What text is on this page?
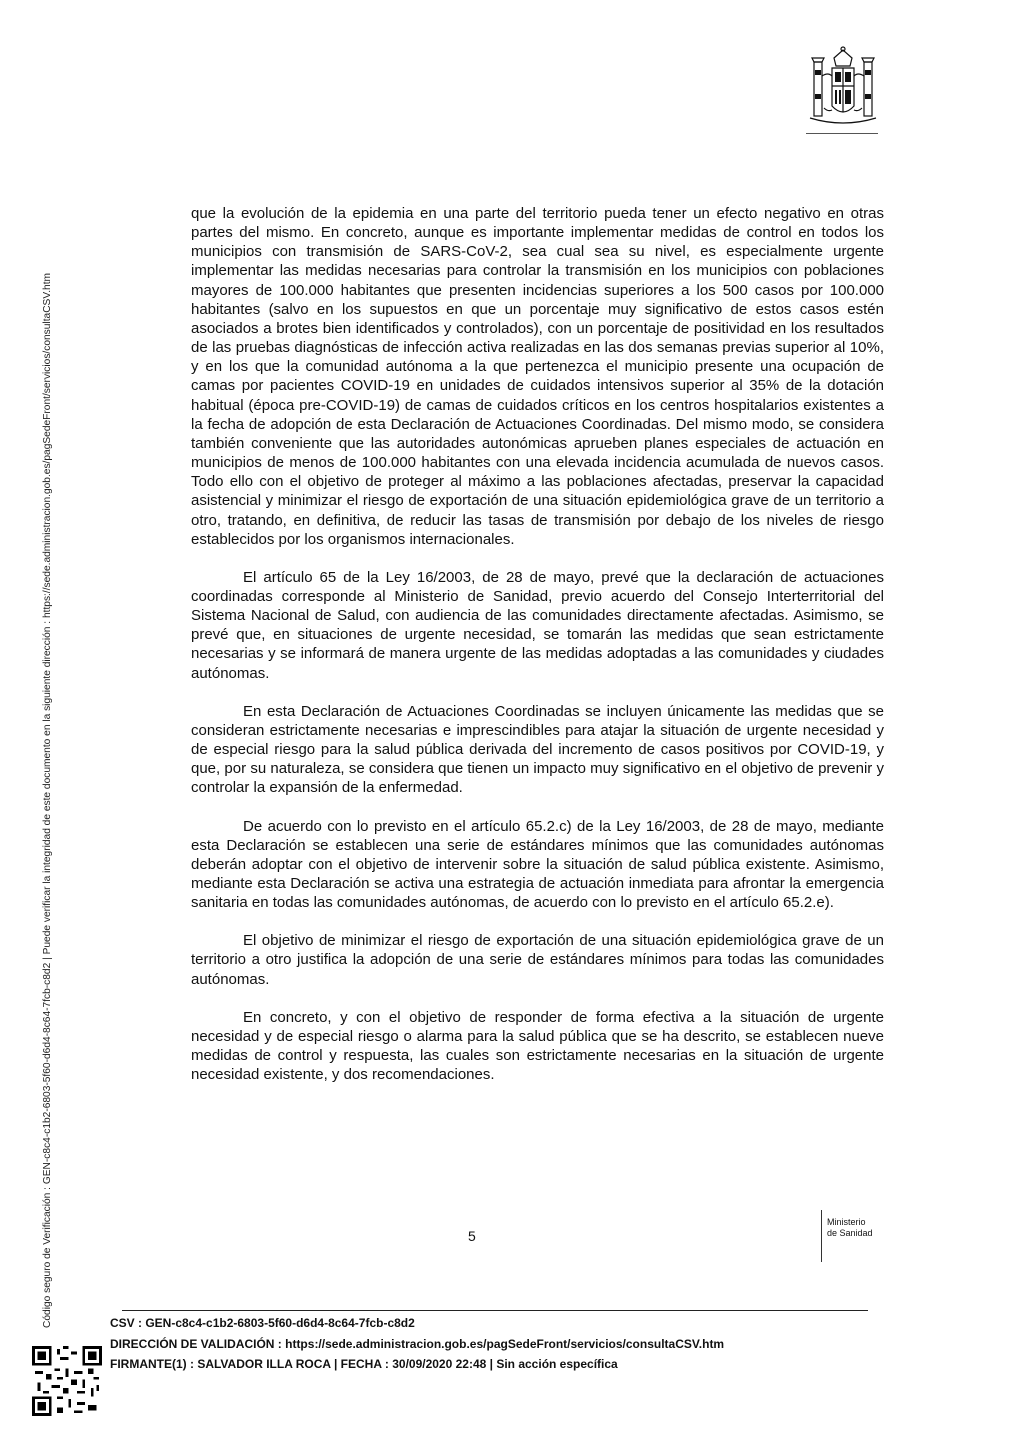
Código seguro de Verificación : GEN-c8c4-c1b2-6803-5f60-d6d4-8c64-7fcb-c8d2 | Puede verificar la integridad de este documento en la siguiente dirección : https://sede.administracion.gob.es/pagSedeFront/servicios/consultaCSV.htm

que la evolución de la epidemia en una parte del territorio pueda tener un efecto negativo en otras partes del mismo. En concreto, aunque es importante implementar medidas de control en todos los municipios con transmisión de SARS-CoV-2, sea cual sea su nivel, es especialmente urgente implementar las medidas necesarias para controlar la transmisión en los municipios con poblaciones mayores de 100.000 habitantes que presenten incidencias superiores a los 500 casos por 100.000 habitantes (salvo en los supuestos en que un porcentaje muy significativo de estos casos estén asociados a brotes bien identificados y controlados), con un porcentaje de positividad en los resultados de las pruebas diagnósticas de infección activa realizadas en las dos semanas previas superior al 10%, y en los que la comunidad autónoma a la que pertenezca el municipio presente una ocupación de camas por pacientes COVID-19 en unidades de cuidados intensivos superior al 35% de la dotación habitual (época pre-COVID-19) de camas de cuidados críticos en los centros hospitalarios existentes a la fecha de adopción de esta Declaración de Actuaciones Coordinadas. Del mismo modo, se considera también conveniente que las autoridades autonómicas aprueben planes especiales de actuación en municipios de menos de 100.000 habitantes con una elevada incidencia acumulada de nuevos casos. Todo ello con el objetivo de proteger al máximo a las poblaciones afectadas, preservar la capacidad asistencial y minimizar el riesgo de exportación de una situación epidemiológica grave de un territorio a otro, tratando, en definitiva, de reducir las tasas de transmisión por debajo de los niveles de riesgo establecidos por los organismos internacionales.

El artículo 65 de la Ley 16/2003, de 28 de mayo, prevé que la declaración de actuaciones coordinadas corresponde al Ministerio de Sanidad, previo acuerdo del Consejo Interterritorial del Sistema Nacional de Salud, con audiencia de las comunidades directamente afectadas. Asimismo, se prevé que, en situaciones de urgente necesidad, se tomarán las medidas que sean estrictamente necesarias y se informará de manera urgente de las medidas adoptadas a las comunidades y ciudades autónomas.

En esta Declaración de Actuaciones Coordinadas se incluyen únicamente las medidas que se consideran estrictamente necesarias e imprescindibles para atajar la situación de urgente necesidad y de especial riesgo para la salud pública derivada del incremento de casos positivos por COVID-19, y que, por su naturaleza, se considera que tienen un impacto muy significativo en el objetivo de prevenir y controlar la expansión de la enfermedad.

De acuerdo con lo previsto en el artículo 65.2.c) de la Ley 16/2003, de 28 de mayo, mediante esta Declaración se establecen una serie de estándares mínimos que las comunidades autónomas deberán adoptar con el objetivo de intervenir sobre la situación de salud pública existente. Asimismo, mediante esta Declaración se activa una estrategia de actuación inmediata para afrontar la emergencia sanitaria en todas las comunidades autónomas, de acuerdo con lo previsto en el artículo 65.2.e).

El objetivo de minimizar el riesgo de exportación de una situación epidemiológica grave de un territorio a otro justifica la adopción de una serie de estándares mínimos para todas las comunidades autónomas.

En concreto, y con el objetivo de responder de forma efectiva a la situación de urgente necesidad y de especial riesgo o alarma para la salud pública que se ha descrito, se establecen nueve medidas de control y respuesta, las cuales son estrictamente necesarias en la situación de urgente necesidad existente, y dos recomendaciones.

5
Ministerio
de Sanidad
CSV : GEN-c8c4-c1b2-6803-5f60-d6d4-8c64-7fcb-c8d2
DIRECCIÓN DE VALIDACIÓN : https://sede.administracion.gob.es/pagSedeFront/servicios/consultaCSV.htm
FIRMANTE(1) : SALVADOR ILLA ROCA | FECHA : 30/09/2020 22:48 | Sin acción específica
